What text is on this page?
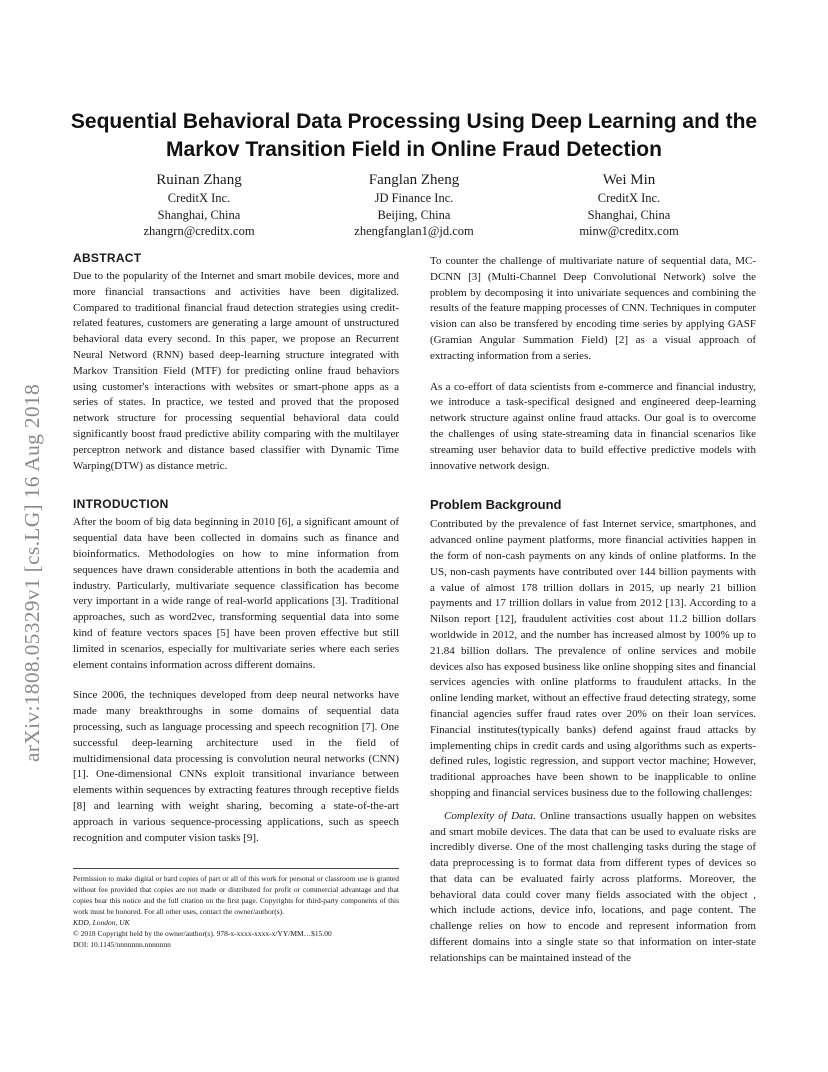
arXiv:1808.05329v1 [cs.LG] 16 Aug 2018
Sequential Behavioral Data Processing Using Deep Learning and the Markov Transition Field in Online Fraud Detection
Ruinan Zhang
CreditX Inc.
Shanghai, China
zhangrn@creditx.com
Fanglan Zheng
JD Finance Inc.
Beijing, China
zhengfanglan1@jd.com
Wei Min
CreditX Inc.
Shanghai, China
minw@creditx.com
ABSTRACT

Due to the popularity of the Internet and smart mobile devices, more and more financial transactions and activities have been digitalized. Compared to traditional financial fraud detection strategies using credit-related features, customers are generating a large amount of unstructured behavioral data every second. In this paper, we propose an Recurrent Neural Netword (RNN) based deep-learning structure integrated with Markov Transition Field (MTF) for predicting online fraud behaviors using customer's interactions with websites or smart-phone apps as a series of states. In practice, we tested and proved that the proposed network structure for processing sequential behavioral data could significantly boost fraud predictive ability comparing with the multilayer perceptron network and distance based classifier with Dynamic Time Warping(DTW) as distance metric.

INTRODUCTION

After the boom of big data beginning in 2010 [6], a significant amount of sequential data have been collected in domains such as finance and bioinformatics. Methodologies on how to mine information from sequences have drawn considerable attentions in both the academia and industry. Particularly, multivariate sequence classification has become very important in a wide range of real-world applications [3]. Traditional approaches, such as word2vec, transforming sequential data into some kind of feature vectors spaces [5] have been proven effective but still limited in scenarios, especially for multivariate series where each series element contains information across different domains.

Since 2006, the techniques developed from deep neural networks have made many breakthroughs in some domains of sequential data processing, such as language processing and speech recognition [7]. One successful deep-learning architecture used in the field of multidimensional data processing is convolution neural networks (CNN) [1]. One-dimensional CNNs exploit transitional invariance between elements within sequences by extracting features through receptive fields [8] and learning with weight sharing, becoming a state-of-the-art approach in various sequence-processing applications, such as speech recognition and computer vision tasks [9].

To counter the challenge of multivariate nature of sequential data, MC-DCNN [3] (Multi-Channel Deep Convolutional Network) solve the problem by decomposing it into univariate sequences and combining the results of the feature mapping processes of CNN. Techniques in computer vision can also be transfered by encoding time series by applying GASF (Gramian Angular Summation Field) [2] as a visual approach of extracting information from a series.

As a co-effort of data scientists from e-commerce and financial industry, we introduce a task-specifical designed and engineered deep-learning network structure against online fraud attacks. Our goal is to overcome the challenges of using state-streaming data in financial scenarios like streaming user behavior data to build effective predictive models with innovative network design.

Problem Background

Contributed by the prevalence of fast Internet service, smartphones, and advanced online payment platforms, more financial activities happen in the form of non-cash payments on any kinds of online platforms. In the US, non-cash payments have contributed over 144 billion payments with a value of almost 178 trillion dollars in 2015, up nearly 21 billion payments and 17 trillion dollars in value from 2012 [13]. According to a Nilson report [12], fraudulent activities cost about 11.2 billion dollars worldwide in 2012, and the number has increased almost by 100% up to 21.84 billion dollars. The prevalence of online services and mobile devices also has exposed business like online shopping sites and financial services agencies with online platforms to fraudulent attacks. In the online lending market, without an effective fraud detecting strategy, some financial agencies suffer fraud rates over 20% on their loan services. Financial institutes(typically banks) defend against fraud attacks by implementing chips in credit cards and using algorithms such as experts-defined rules, logistic regression, and support vector machine; However, traditional approaches have been shown to be inapplicable to online shopping and financial services business due to the following challenges:

Complexity of Data. Online transactions usually happen on websites and smart mobile devices. The data that can be used to evaluate risks are incredibly diverse. One of the most challenging tasks during the stage of data preprocessing is to format data from different types of devices so that data can be evaluated fairly across platforms. Moreover, the behavioral data could cover many fields associated with the object , which include actions, device info, locations, and page content. The challenge relies on how to encode and represent information from different domains into a single state so that information on inter-state relationships can be maintained instead of the

Permission to make digital or hard copies of part or all of this work for personal or classroom use is granted without fee provided that copies are not made or distributed for profit or commercial advantage and that copies bear this notice and the full citation on the first page. Copyrights for third-party components of this work must be honored. For all other uses, contact the owner/author(s).

KDD, London, UK

© 2018 Copyright held by the owner/author(s). 978-x-xxxx-xxxx-x/YY/MM…$15.00

DOI: 10.1145/nnnnnnn.nnnnnnn
